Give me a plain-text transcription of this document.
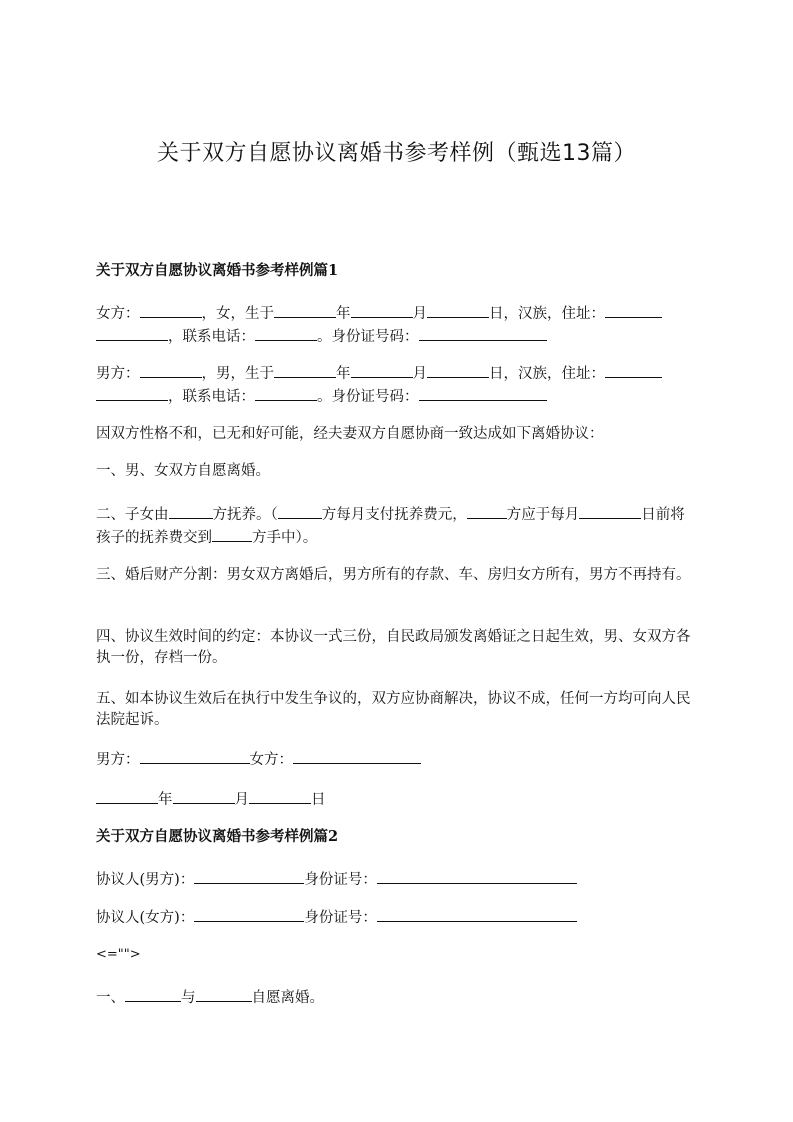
关于双方自愿协议离婚书参考样例（甄选13篇）
关于双方自愿协议离婚书参考样例篇1
女方：	，女，生于	年	月	日，汉族，住址：
，联系电话：	。身份证号码：
男方：	，男，生于	年	月	日，汉族，住址：
，联系电话：	。身份证号码：
因双方性格不和，已无和好可能，经夫妻双方自愿协商一致达成如下离婚协议：
一、男、女双方自愿离婚。
二、子女由	方抚养。（	方每月支付抚养费元，	方应于每月	日前将孩子的抚养费交到	方手中）。
三、婚后财产分割：男女双方离婚后，男方所有的存款、车、房归女方所有，男方不再持有。
四、协议生效时间的约定：本协议一式三份，自民政局颁发离婚证之日起生效，男、女双方各执一份，存档一份。
五、如本协议生效后在执行中发生争议的，双方应协商解决，协议不成，任何一方均可向人民法院起诉。
男方：	女方：
年	月	日
关于双方自愿协议离婚书参考样例篇2
协议人(男方)：	身份证号：
协议人(女方)：	身份证号：
<="">
一、	与	自愿离婚。
